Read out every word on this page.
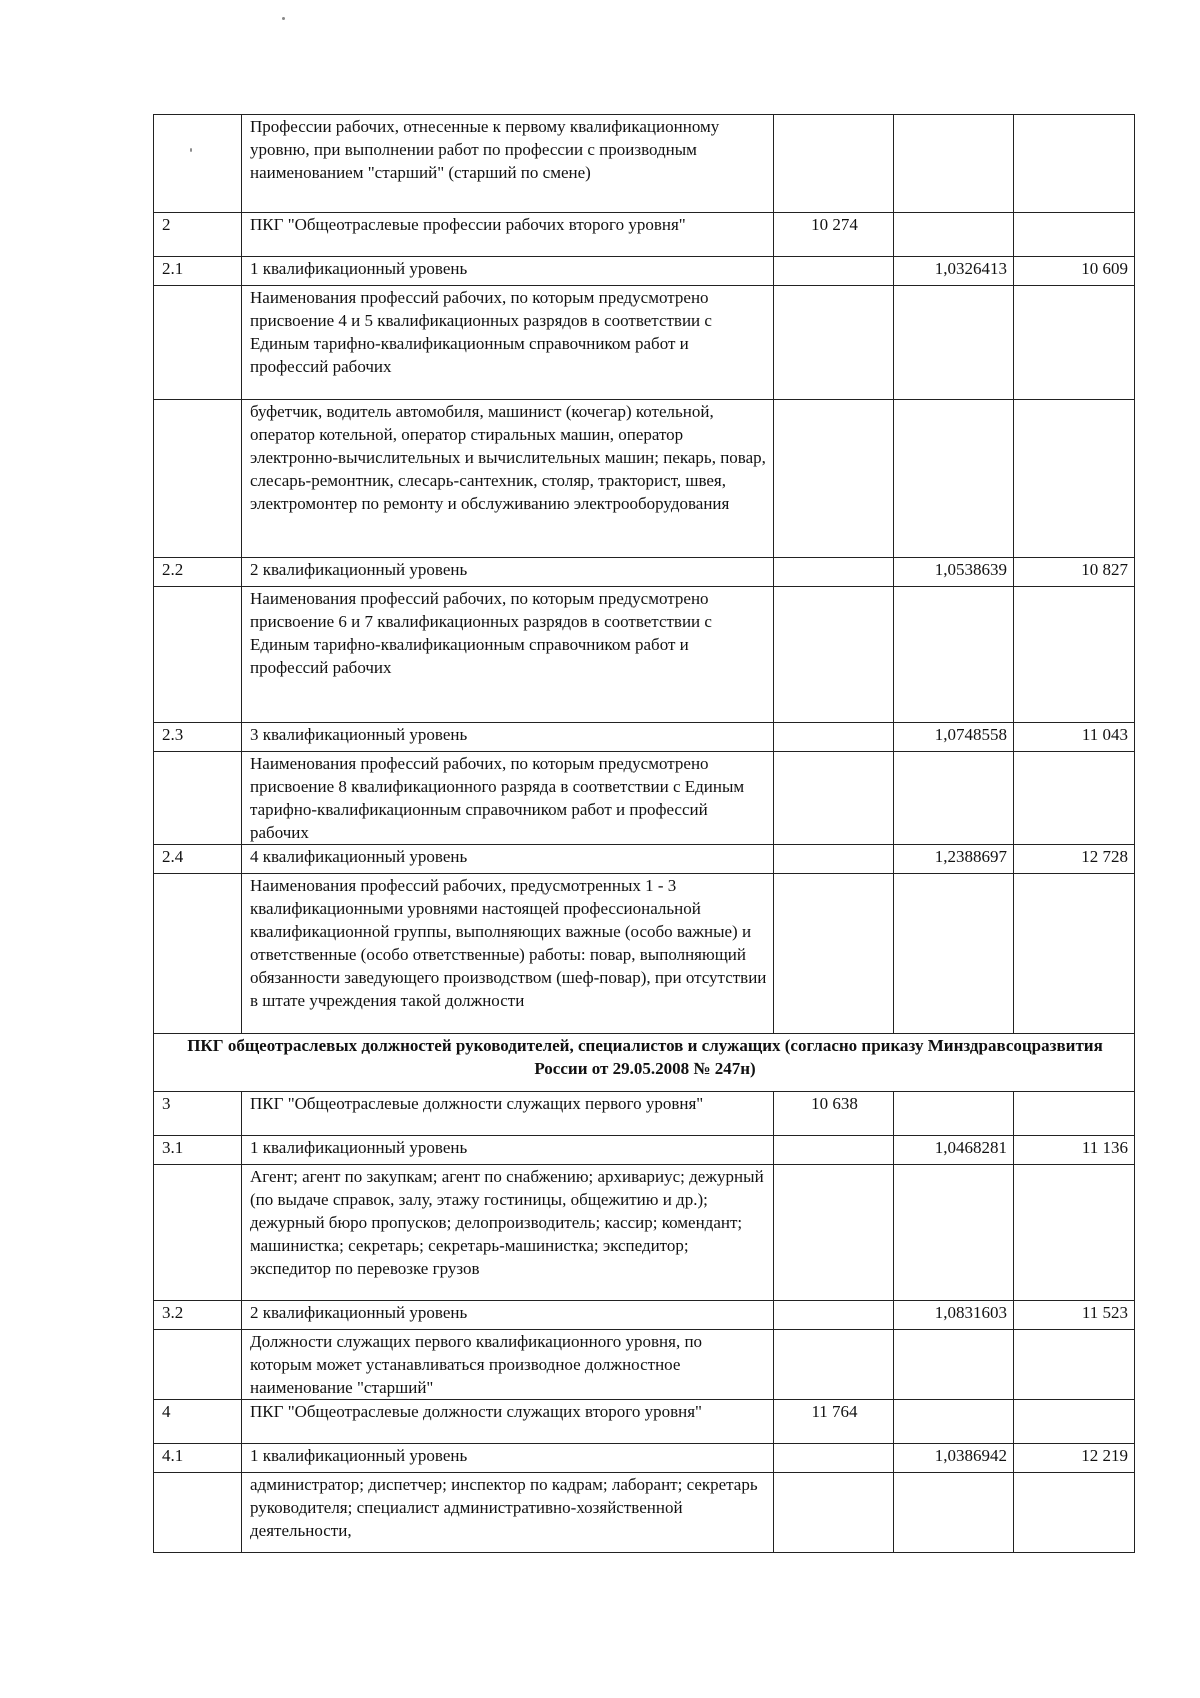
	Профессии рабочих, отнесенные к первому квалификационному уровню, при выполнении работ по профессии с производным наименованием "старший" (старший по смене)			
2	ПКГ "Общеотраслевые профессии рабочих второго уровня"	10 274		
2.1	1 квалификационный уровень		1,0326413	10 609
	Наименования профессий рабочих, по которым предусмотрено присвоение 4 и 5 квалификационных разрядов в соответствии с Единым тарифно-квалификационным справочником работ и профессий рабочих			
	буфетчик, водитель автомобиля, машинист (кочегар) котельной, оператор котельной, оператор стиральных машин, оператор электронно-вычислительных и вычислительных машин; пекарь, повар, слесарь-ремонтник, слесарь-сантехник, столяр, тракторист, швея, электромонтер по ремонту и обслуживанию электрооборудования			
2.2	2 квалификационный уровень		1,0538639	10 827
	Наименования профессий рабочих, по которым предусмотрено присвоение 6 и 7 квалификационных разрядов в соответствии с Единым тарифно-квалификационным справочником работ и профессий рабочих			
2.3	3 квалификационный уровень		1,0748558	11 043
	Наименования профессий рабочих, по которым предусмотрено присвоение 8 квалификационного разряда в соответствии с Единым тарифно-квалификационным справочником работ и профессий рабочих			
2.4	4 квалификационный уровень		1,2388697	12 728
	Наименования профессий рабочих, предусмотренных 1 - 3 квалификационными уровнями настоящей профессиональной квалификационной группы, выполняющих важные (особо важные) и ответственные (особо ответственные) работы: повар, выполняющий обязанности заведующего производством (шеф-повар), при отсутствии в штате учреждения такой должности			
ПКГ общеотраслевых должностей руководителей, специалистов и служащих (согласно приказу Минздравсоцразвития России от 29.05.2008 № 247н)				
3	ПКГ "Общеотраслевые должности служащих первого уровня"	10 638		
3.1	1 квалификационный уровень		1,0468281	11 136
	Агент; агент по закупкам; агент по снабжению; архивариус; дежурный (по выдаче справок, залу, этажу гостиницы, общежитию и др.); дежурный бюро пропусков; делопроизводитель; кассир; комендант; машинистка; секретарь; секретарь-машинистка; экспедитор; экспедитор по перевозке грузов			
3.2	2 квалификационный уровень		1,0831603	11 523
	Должности служащих первого квалификационного уровня, по которым может устанавливаться производное должностное наименование "старший"			
4	ПКГ "Общеотраслевые должности служащих второго уровня"	11 764		
4.1	1 квалификационный уровень		1,0386942	12 219
	администратор; диспетчер; инспектор по кадрам; лаборант; секретарь руководителя; специалист административно-хозяйственной деятельности,			
